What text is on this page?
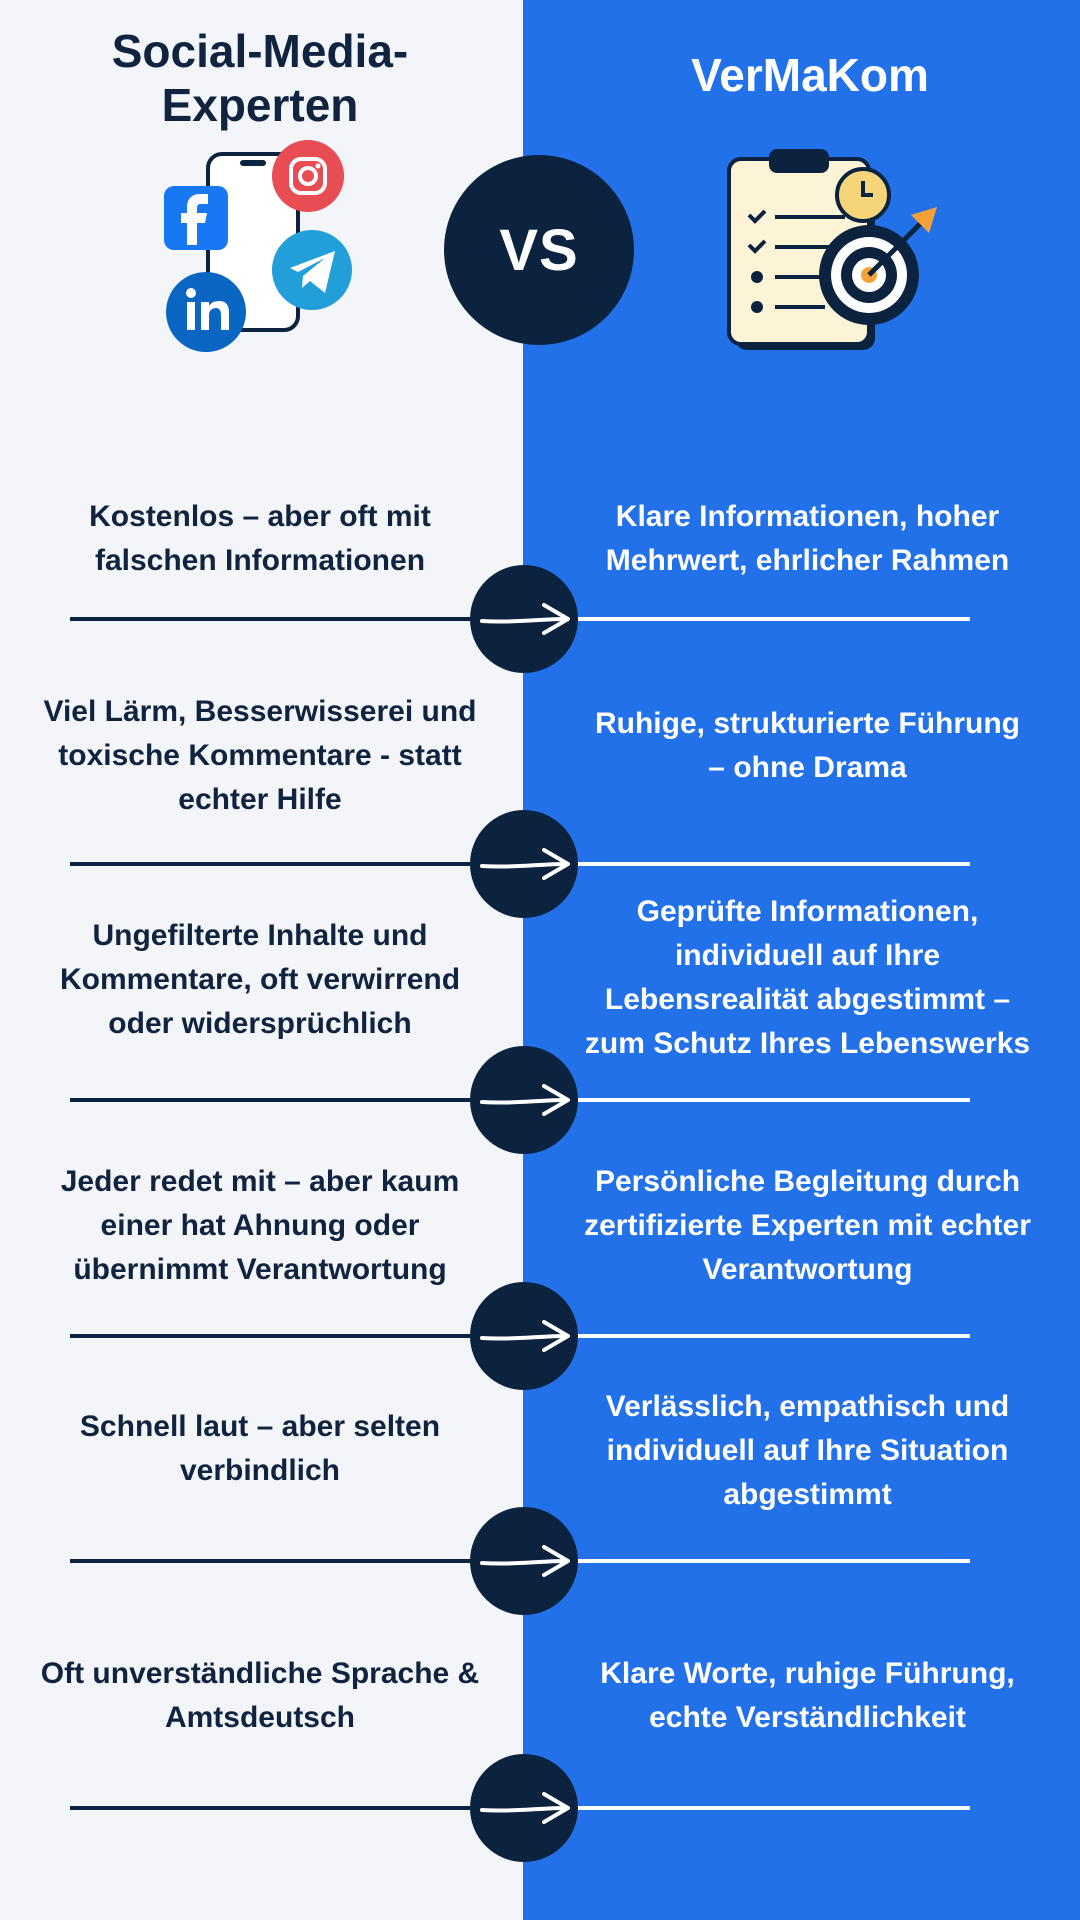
Social-Media-
Experten
VerMaKom
VS
Kostenlos – aber oft mit
falschen Informationen
Klare Informationen, hoher
Mehrwert, ehrlicher Rahmen
Viel Lärm, Besserwisserei und
toxische Kommentare - statt
echter Hilfe
Ruhige, strukturierte Führung
– ohne Drama
Ungefilterte Inhalte und
Kommentare, oft verwirrend
oder widersprüchlich
Geprüfte Informationen,
individuell auf Ihre
Lebensrealität abgestimmt –
zum Schutz Ihres Lebenswerks
Jeder redet mit – aber kaum
einer hat Ahnung oder
übernimmt Verantwortung
Persönliche Begleitung durch
zertifizierte Experten mit echter
Verantwortung
Schnell laut – aber selten
verbindlich
Verlässlich, empathisch und
individuell auf Ihre Situation
abgestimmt
Oft unverständliche Sprache &
Amtsdeutsch
Klare Worte, ruhige Führung,
echte Verständlichkeit
